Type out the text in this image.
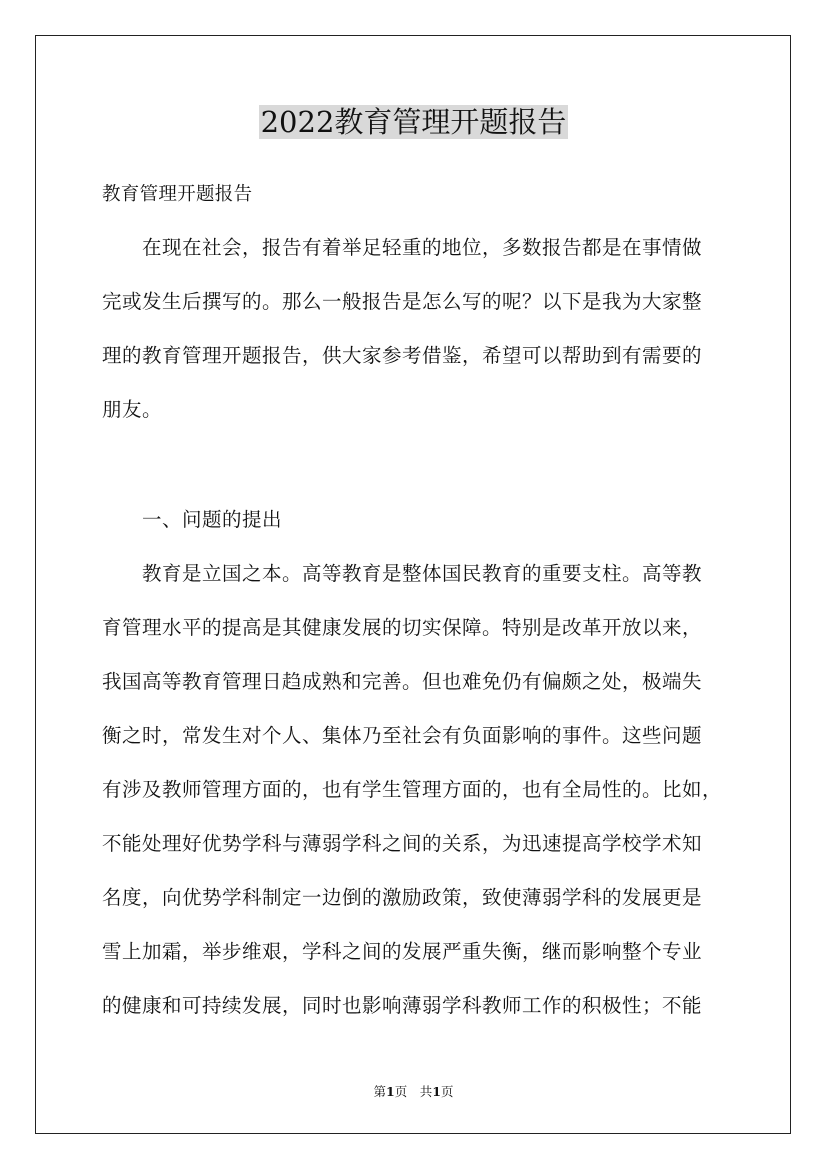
2022教育管理开题报告
教育管理开题报告
　　在现在社会，报告有着举足轻重的地位，多数报告都是在事情做
完或发生后撰写的。那么一般报告是怎么写的呢？以下是我为大家整
理的教育管理开题报告，供大家参考借鉴，希望可以帮助到有需要的
朋友。
　　一、问题的提出
　　教育是立国之本。高等教育是整体国民教育的重要支柱。高等教
育管理水平的提高是其健康发展的切实保障。特别是改革开放以来，
我国高等教育管理日趋成熟和完善。但也难免仍有偏颇之处，极端失
衡之时，常发生对个人、集体乃至社会有负面影响的事件。这些问题
有涉及教师管理方面的，也有学生管理方面的，也有全局性的。比如，
不能处理好优势学科与薄弱学科之间的关系，为迅速提高学校学术知
名度，向优势学科制定一边倒的激励政策，致使薄弱学科的发展更是
雪上加霜，举步维艰，学科之间的发展严重失衡，继而影响整个专业
的健康和可持续发展，同时也影响薄弱学科教师工作的积极性；不能
第1页　共1页
